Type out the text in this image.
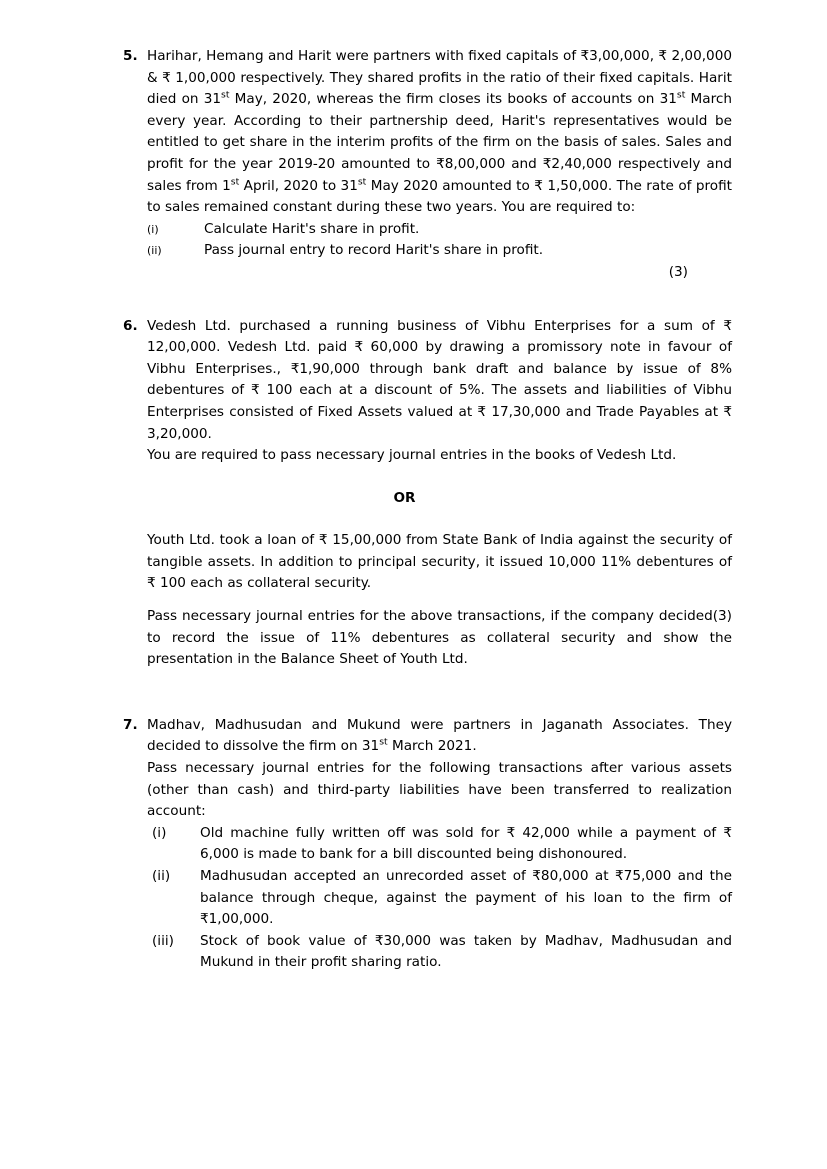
5. Harihar, Hemang and Harit were partners with fixed capitals of ₹3,00,000, ₹ 2,00,000 & ₹ 1,00,000 respectively. They shared profits in the ratio of their fixed capitals. Harit died on 31st May, 2020, whereas the firm closes its books of accounts on 31st March every year. According to their partnership deed, Harit's representatives would be entitled to get share in the interim profits of the firm on the basis of sales. Sales and profit for the year 2019-20 amounted to ₹8,00,000 and ₹2,40,000 respectively and sales from 1st April, 2020 to 31st May 2020 amounted to ₹ 1,50,000. The rate of profit to sales remained constant during these two years. You are required to:

(i)	Calculate Harit's share in profit.
(ii)	Pass journal entry to record Harit's share in profit.
(3)
6. Vedesh Ltd. purchased a running business of Vibhu Enterprises for a sum of ₹ 12,00,000. Vedesh Ltd. paid ₹ 60,000 by drawing a promissory note in favour of Vibhu Enterprises., ₹1,90,000 through bank draft and balance by issue of 8% debentures of ₹ 100 each at a discount of 5%. The assets and liabilities of Vibhu Enterprises consisted of Fixed Assets valued at ₹ 17,30,000 and Trade Payables at ₹ 3,20,000.

You are required to pass necessary journal entries in the books of Vedesh Ltd.

OR

Youth Ltd. took a loan of ₹ 15,00,000 from State Bank of India against the security of tangible assets. In addition to principal security, it issued 10,000 11% debentures of ₹ 100 each as collateral security.

(3)
Pass necessary journal entries for the above transactions, if the company decided to record the issue of 11% debentures as collateral security and show the presentation in the Balance Sheet of Youth Ltd.

7. Madhav, Madhusudan and Mukund were partners in Jaganath Associates. They decided to dissolve the firm on 31st March 2021.

Pass necessary journal entries for the following transactions after various assets (other than cash) and third-party liabilities have been transferred to realization account:

(i) Old machine fully written off was sold for ₹ 42,000 while a payment of ₹ 6,000 is made to bank for a bill discounted being dishonoured.
(ii) Madhusudan accepted an unrecorded asset of ₹80,000 at ₹75,000 and the balance through cheque, against the payment of his loan to the firm of ₹1,00,000.
(iii) Stock of book value of ₹30,000 was taken by Madhav, Madhusudan and Mukund in their profit sharing ratio.
